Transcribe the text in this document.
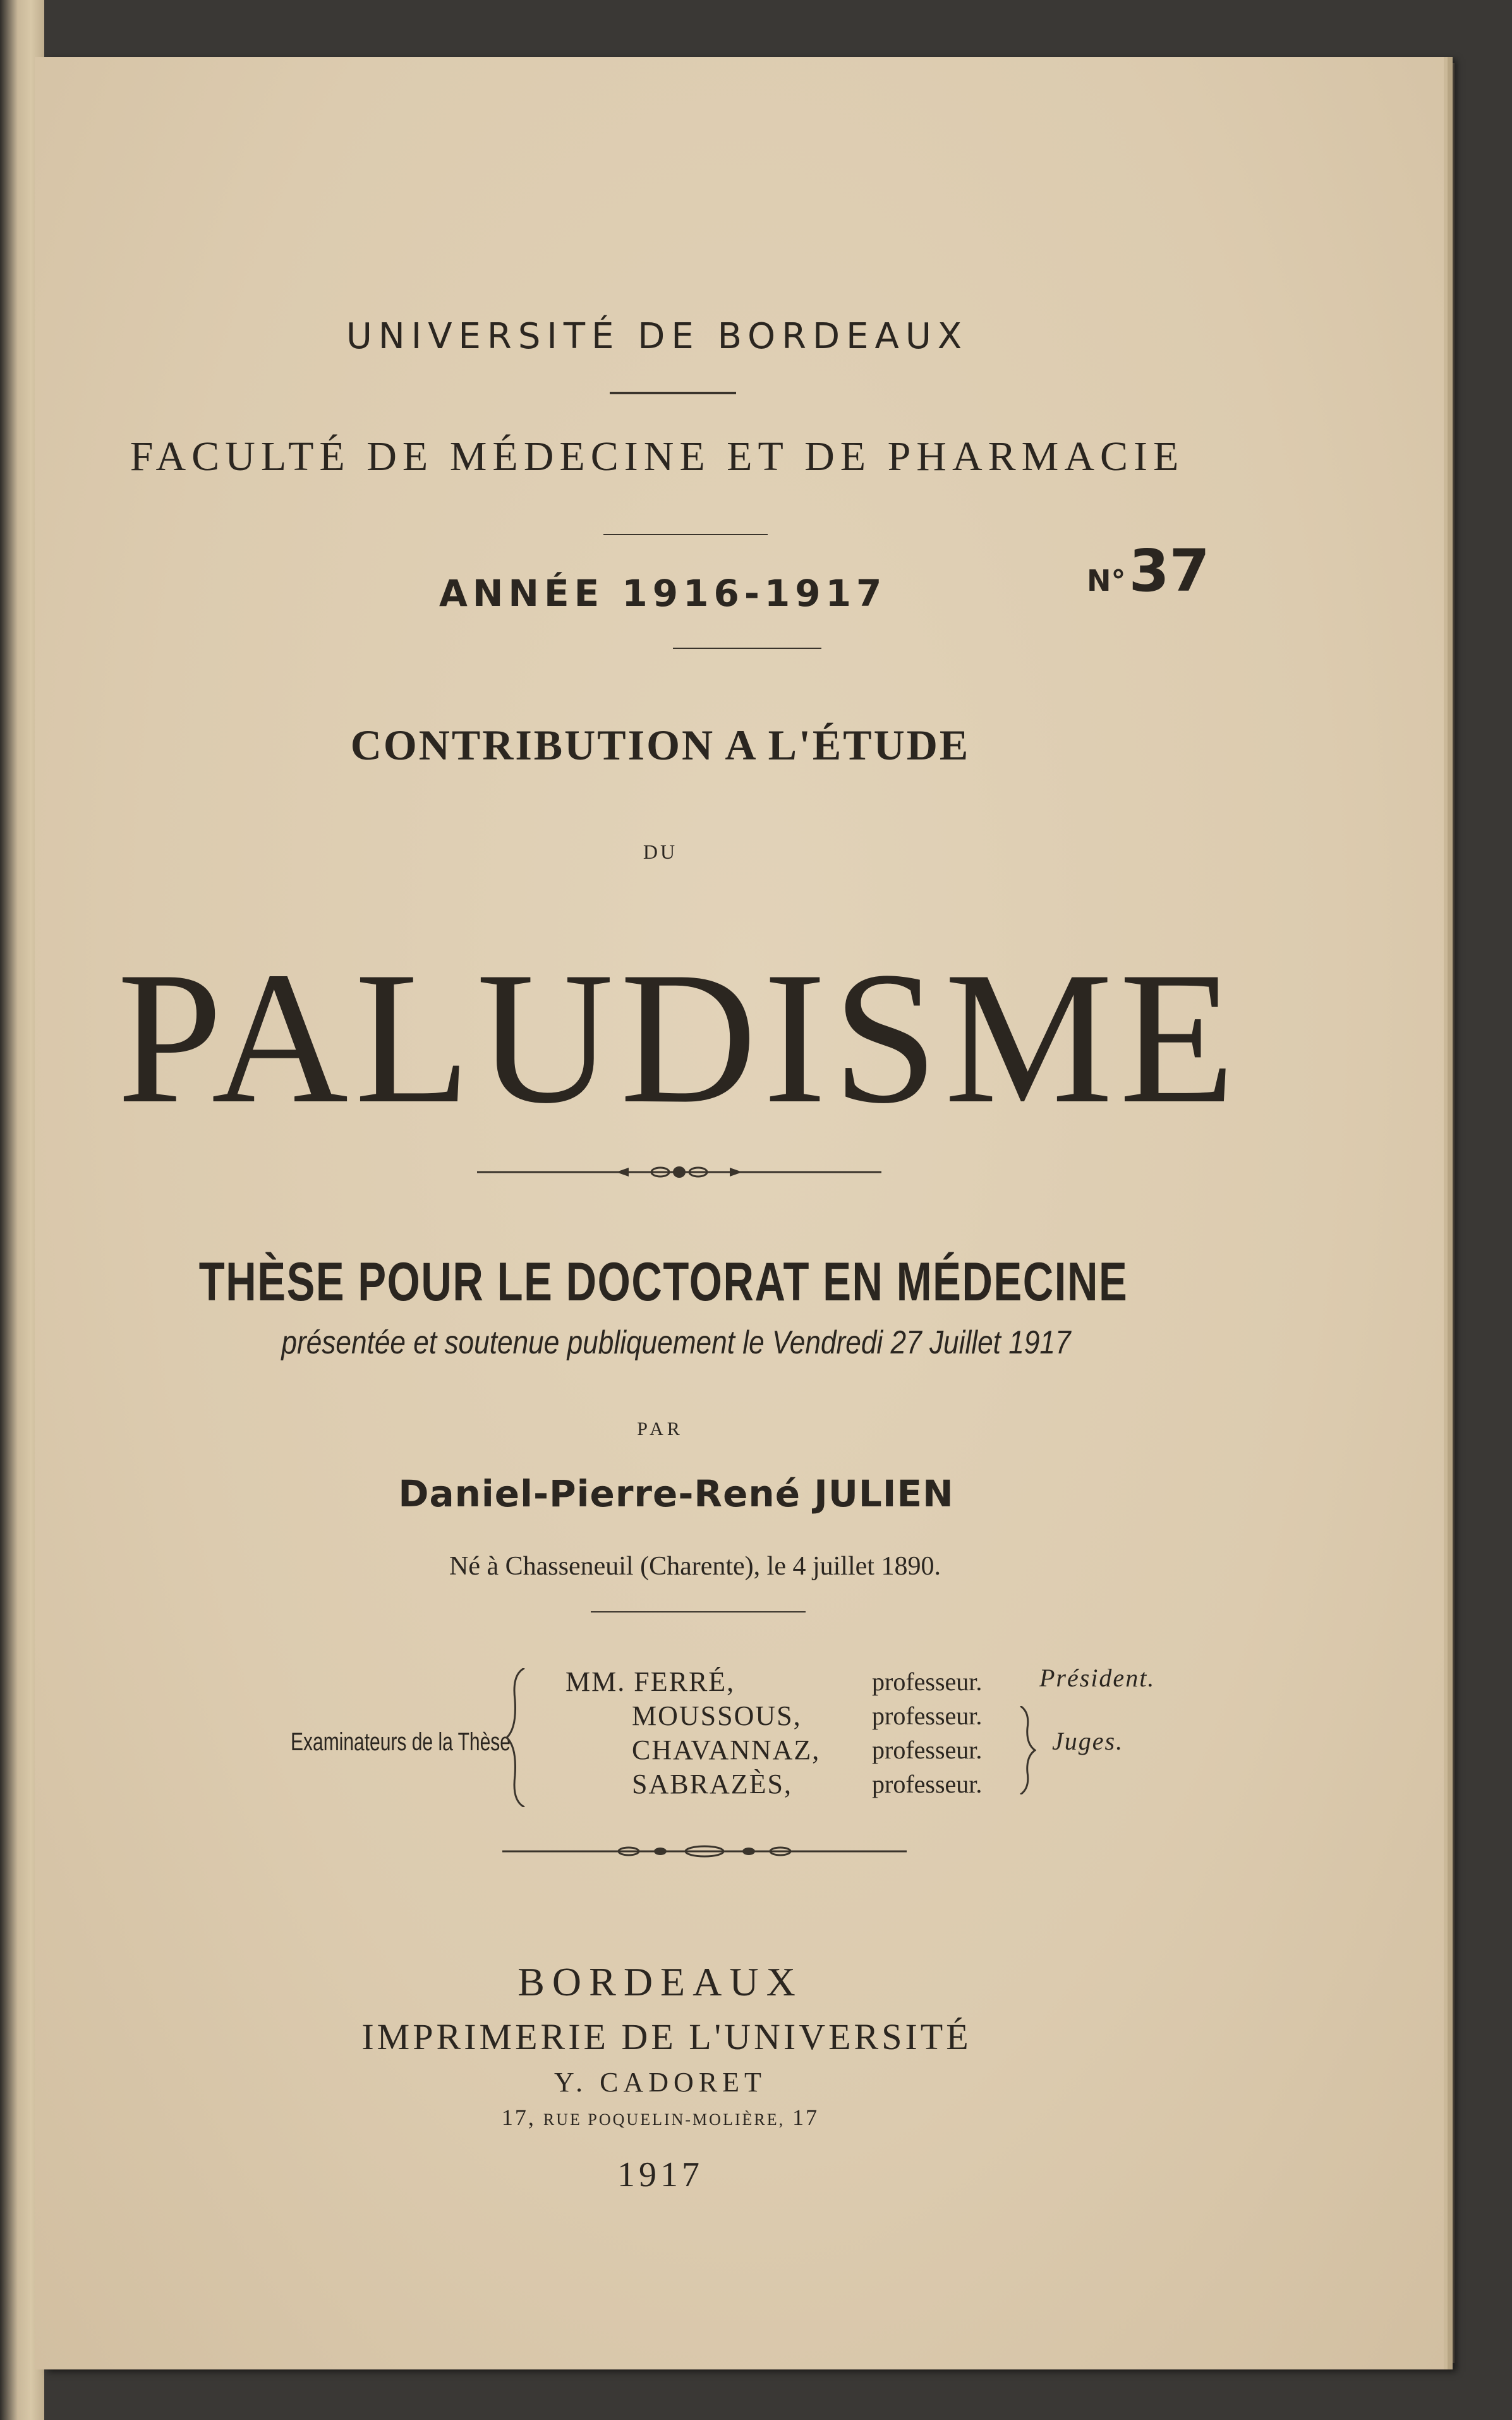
UNIVERSITÉ DE BORDEAUX
FACULTÉ DE MÉDECINE ET DE PHARMACIE
ANNÉE 1916-1917	N° 37
CONTRIBUTION A L'ÉTUDE
DU
PALUDISME
THÈSE POUR LE DOCTORAT EN MÉDECINE
présentée et soutenue publiquement le Vendredi 27 Juillet 1917
PAR
Daniel-Pierre-René JULIEN
Né à Chasseneuil (Charente), le 4 juillet 1890.
Examinateurs de la Thèse
MM. FERRÉ,
MOUSSOUS,
CHAVANNAZ,
SABRAZÈS,
professeur.
professeur.
professeur.
professeur.
Président.
Juges.
BORDEAUX
IMPRIMERIE DE L'UNIVERSITÉ
Y. CADORET
17, RUE POQUELIN-MOLIÈRE, 17
1917
